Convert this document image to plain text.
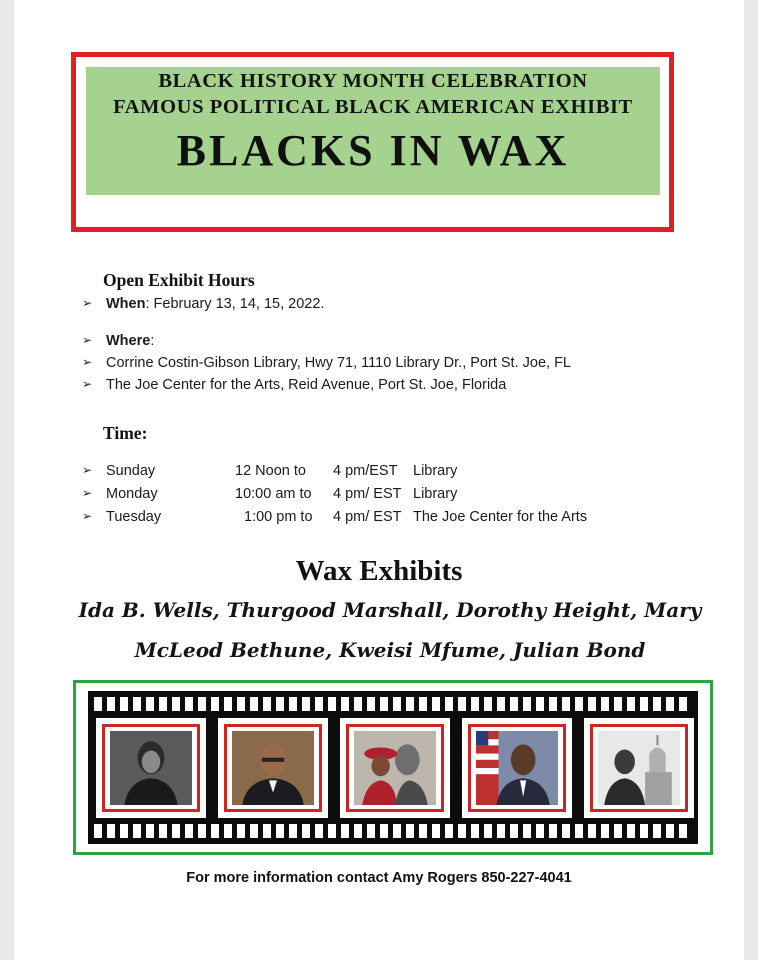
BLACK HISTORY MONTH CELEBRATION
FAMOUS POLITICAL BLACK AMERICAN EXHIBIT
BLACKS IN WAX
Open Exhibit Hours
➢ When: February 13, 14, 15, 2022.
➢ Where:
➢ Corrine Costin-Gibson Library, Hwy 71, 1110 Library Dr., Port St. Joe, FL
➢ The Joe Center for the Arts, Reid Avenue, Port St. Joe, Florida
Time:
➢ Sunday	12 Noon to 4 pm/EST Library
➢ Monday	10:00 am to 4 pm/ EST Library
➢ Tuesday	1:00 pm to 4 pm/ EST The Joe Center for the Arts
Wax Exhibits
Ida B. Wells, Thurgood Marshall, Dorothy Height, Mary
McLeod Bethune, Kweisi Mfume, Julian Bond
For more information contact Amy Rogers 850-227-4041
